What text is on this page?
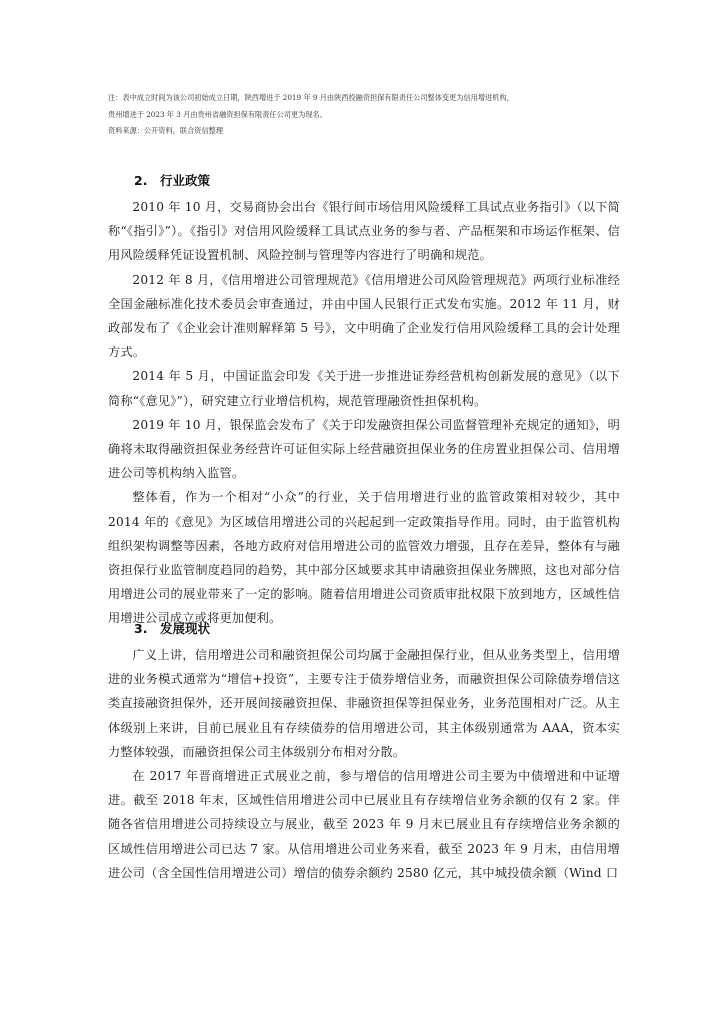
注：表中成立时间为该公司初始成立日期，陕西增进于 2019 年 9 月由陕西投融资担保有限责任公司整体变更为信用增进机构，
贵州增进于 2023 年 3 月由贵州省融资担保有限责任公司更为现名。
资料来源：公开资料，联合资信整理
2.　行业政策

2010 年 10 月，交易商协会出台《银行间市场信用风险缓释工具试点业务指引》（以下简称“《指引》”）。《指引》对信用风险缓释工具试点业务的参与者、产品框架和市场运作框架、信用风险缓释凭证设置机制、风险控制与管理等内容进行了明确和规范。

2012 年 8 月，《信用增进公司管理规范》《信用增进公司风险管理规范》两项行业标准经全国金融标准化技术委员会审查通过，并由中国人民银行正式发布实施。2012 年 11 月，财政部发布了《企业会计准则解释第 5 号》，文中明确了企业发行信用风险缓释工具的会计处理方式。

2014 年 5 月，中国证监会印发《关于进一步推进证券经营机构创新发展的意见》（以下简称“《意见》”），研究建立行业增信机构，规范管理融资性担保机构。

2019 年 10 月，银保监会发布了《关于印发融资担保公司监督管理补充规定的通知》，明确将未取得融资担保业务经营许可证但实际上经营融资担保业务的住房置业担保公司、信用增进公司等机构纳入监管。

整体看，作为一个相对“小众”的行业，关于信用增进行业的监管政策相对较少，其中 2014 年的《意见》为区域信用增进公司的兴起起到一定政策指导作用。同时，由于监管机构组织架构调整等因素，各地方政府对信用增进公司的监管效力增强，且存在差异，整体有与融资担保行业监管制度趋同的趋势，其中部分区域要求其申请融资担保业务牌照，这也对部分信用增进公司的展业带来了一定的影响。随着信用增进公司资质审批权限下放到地方，区域性信用增进公司成立或将更加便利。

3.　发展现状

广义上讲，信用增进公司和融资担保公司均属于金融担保行业，但从业务类型上，信用增进的业务模式通常为“增信+投资”，主要专注于债券增信业务，而融资担保公司除债券增信这类直接融资担保外，还开展间接融资担保、非融资担保等担保业务，业务范围相对广泛。从主体级别上来讲，目前已展业且有存续债券的信用增进公司，其主体级别通常为 AAA，资本实力整体较强，而融资担保公司主体级别分布相对分散。

在 2017 年晋商增进正式展业之前，参与增信的信用增进公司主要为中债增进和中证增进。截至 2018 年末，区域性信用增进公司中已展业且有存续增信业务余额的仅有 2 家。伴随各省信用增进公司持续设立与展业，截至 2023 年 9 月末已展业且有存续增信业务余额的区域性信用增进公司已达 7 家。从信用增进公司业务来看，截至 2023 年 9 月末，由信用增进公司（含全国性信用增进公司）增信的债券余额约 2580 亿元，其中城投债余额（Wind 口
